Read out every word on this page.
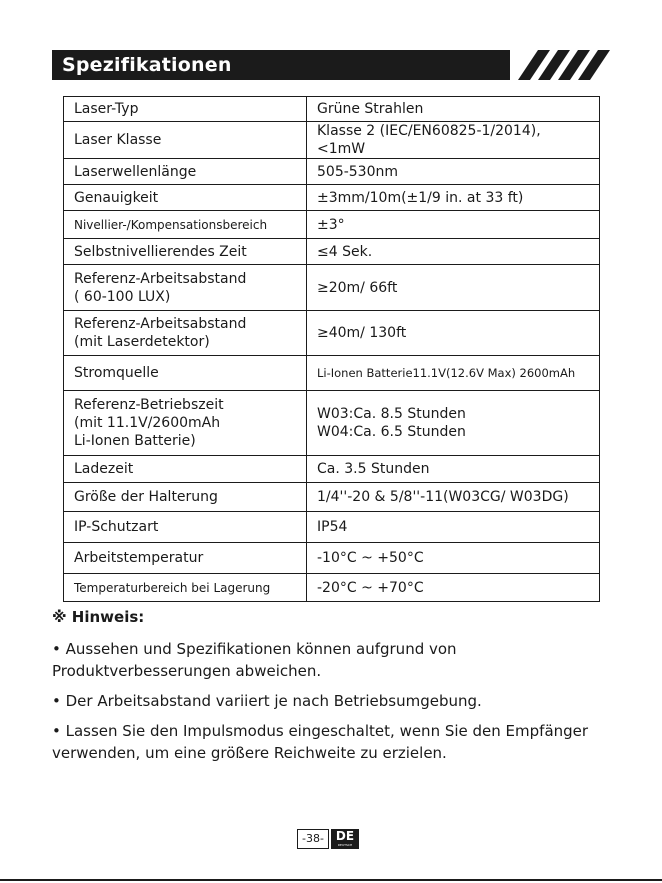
Spezifikationen
Laser-Typ	Grüne Strahlen
Laser Klasse	Klasse 2 (IEC/EN60825-1/2014), <1mW
Laserwellenlänge	505-530nm
Genauigkeit	±3mm/10m(±1/9 in. at 33 ft)
Nivellier-/Kompensationsbereich	±3°
Selbstnivellierendes Zeit	≤4 Sek.
Referenz-Arbeitsabstand
( 60-100 LUX)	≥20m/ 66ft
Referenz-Arbeitsabstand
(mit Laserdetektor)	≥40m/ 130ft
Stromquelle	Li-Ionen Batterie11.1V(12.6V Max) 2600mAh
Referenz-Betriebszeit
(mit 11.1V/2600mAh
Li-Ionen Batterie)	W03:Ca. 8.5 Stunden
W04:Ca. 6.5 Stunden
Ladezeit	Ca. 3.5 Stunden
Größe der Halterung	1/4''-20 & 5/8''-11(W03CG/ W03DG)
IP-Schutzart	IP54
Arbeitstemperatur	-10°C ~ +50°C
Temperaturbereich bei Lagerung	-20°C ~ +70°C
※ Hinweis:
• Aussehen und Spezifikationen können aufgrund von Produktverbesserungen abweichen.
• Der Arbeitsabstand variiert je nach Betriebsumgebung.
• Lassen Sie den Impulsmodus eingeschaltet, wenn Sie den Empfänger verwenden, um eine größere Reichweite zu erzielen.
-38- DE
DEUTSCH
